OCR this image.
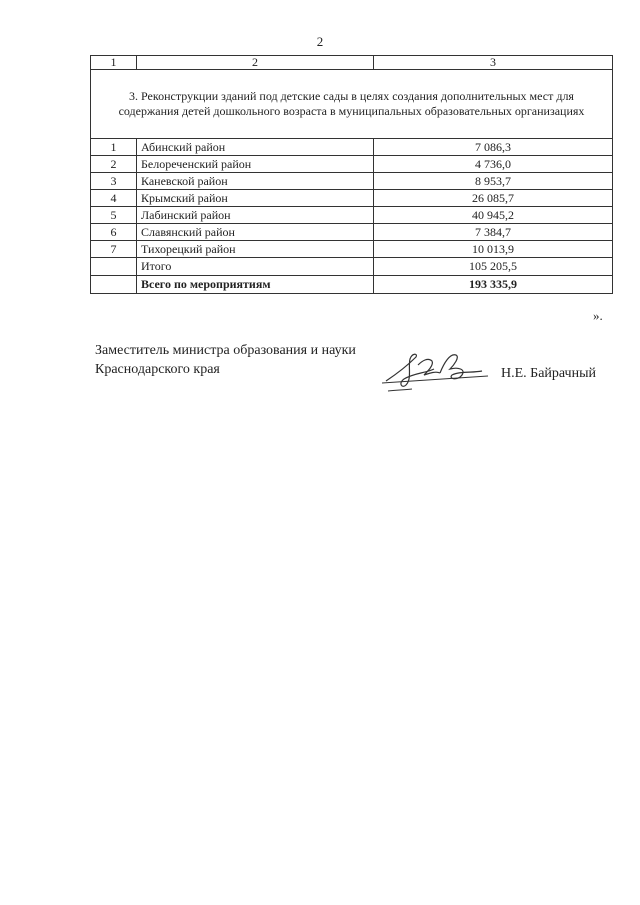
2
1	2	3
3. Реконструкции зданий под детские сады в целях создания дополнительных мест для содержания детей дошкольного возраста в муниципальных образовательных организациях		
1	Абинский район	7 086,3
2	Белореченский район	4 736,0
3	Каневской район	8 953,7
4	Крымский район	26 085,7
5	Лабинский район	40 945,2
6	Славянский район	7 384,7
7	Тихорецкий район	10 013,9
	Итого	105 205,5
	Всего по мероприятиям	193 335,9
».
Заместитель министра образования и науки
Краснодарского края	Н.Е. Байрачный
